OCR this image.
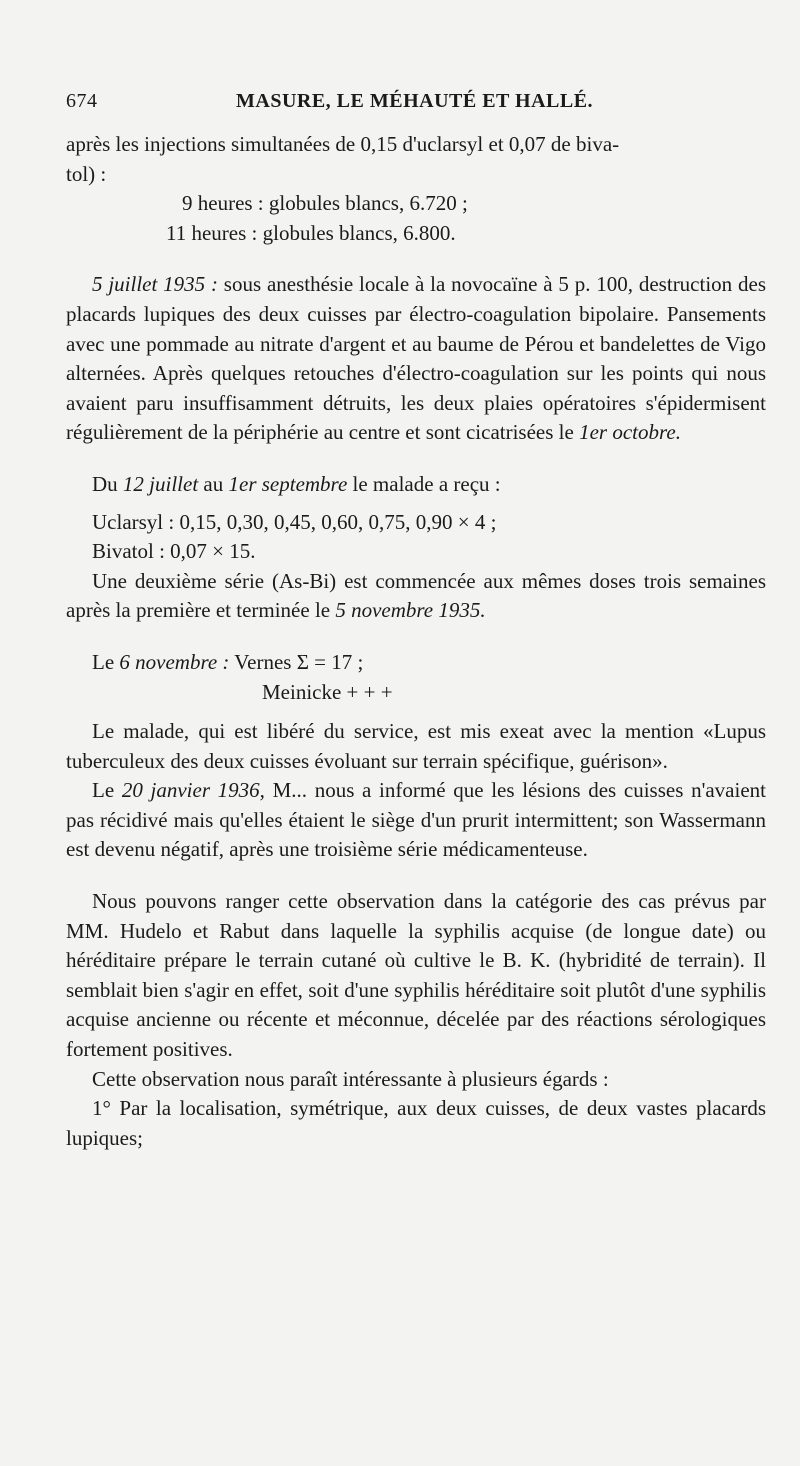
674	MASURE, LE MÉHAUTÉ ET HALLÉ.

après les injections simultanées de 0,15 d'uclarsyl et 0,07 de biva-

tol) :

9 heures : globules blancs, 6.720 ;

11 heures : globules blancs, 6.800.

5 juillet 1935 : sous anesthésie locale à la novocaïne à 5 p. 100, destruction des placards lupiques des deux cuisses par électro-coagulation bipolaire. Pansements avec une pommade au nitrate d'argent et au baume de Pérou et bandelettes de Vigo alternées. Après quelques retouches d'électro-coagulation sur les points qui nous avaient paru insuffisamment détruits, les deux plaies opératoires s'épidermisent régulièrement de la périphérie au centre et sont cicatrisées le 1er octobre.

Du 12 juillet au 1er septembre le malade a reçu :

Uclarsyl : 0,15, 0,30, 0,45, 0,60, 0,75, 0,90 × 4 ;

Bivatol : 0,07 × 15.

Une deuxième série (As-Bi) est commencée aux mêmes doses trois semaines après la première et terminée le 5 novembre 1935.

Le 6 novembre : Vernes Σ = 17 ;

Meinicke + + +

Le malade, qui est libéré du service, est mis exeat avec la mention «Lupus tuberculeux des deux cuisses évoluant sur terrain spécifique, guérison».

Le 20 janvier 1936, M... nous a informé que les lésions des cuisses n'avaient pas récidivé mais qu'elles étaient le siège d'un prurit intermittent; son Wassermann est devenu négatif, après une troisième série médicamenteuse.

Nous pouvons ranger cette observation dans la catégorie des cas prévus par MM. Hudelo et Rabut dans laquelle la syphilis acquise (de longue date) ou héréditaire prépare le terrain cutané où cultive le B. K. (hybridité de terrain). Il semblait bien s'agir en effet, soit d'une syphilis héréditaire soit plutôt d'une syphilis acquise ancienne ou récente et méconnue, décelée par des réactions sérologiques fortement positives.

Cette observation nous paraît intéressante à plusieurs égards :

1° Par la localisation, symétrique, aux deux cuisses, de deux vastes placards lupiques;
